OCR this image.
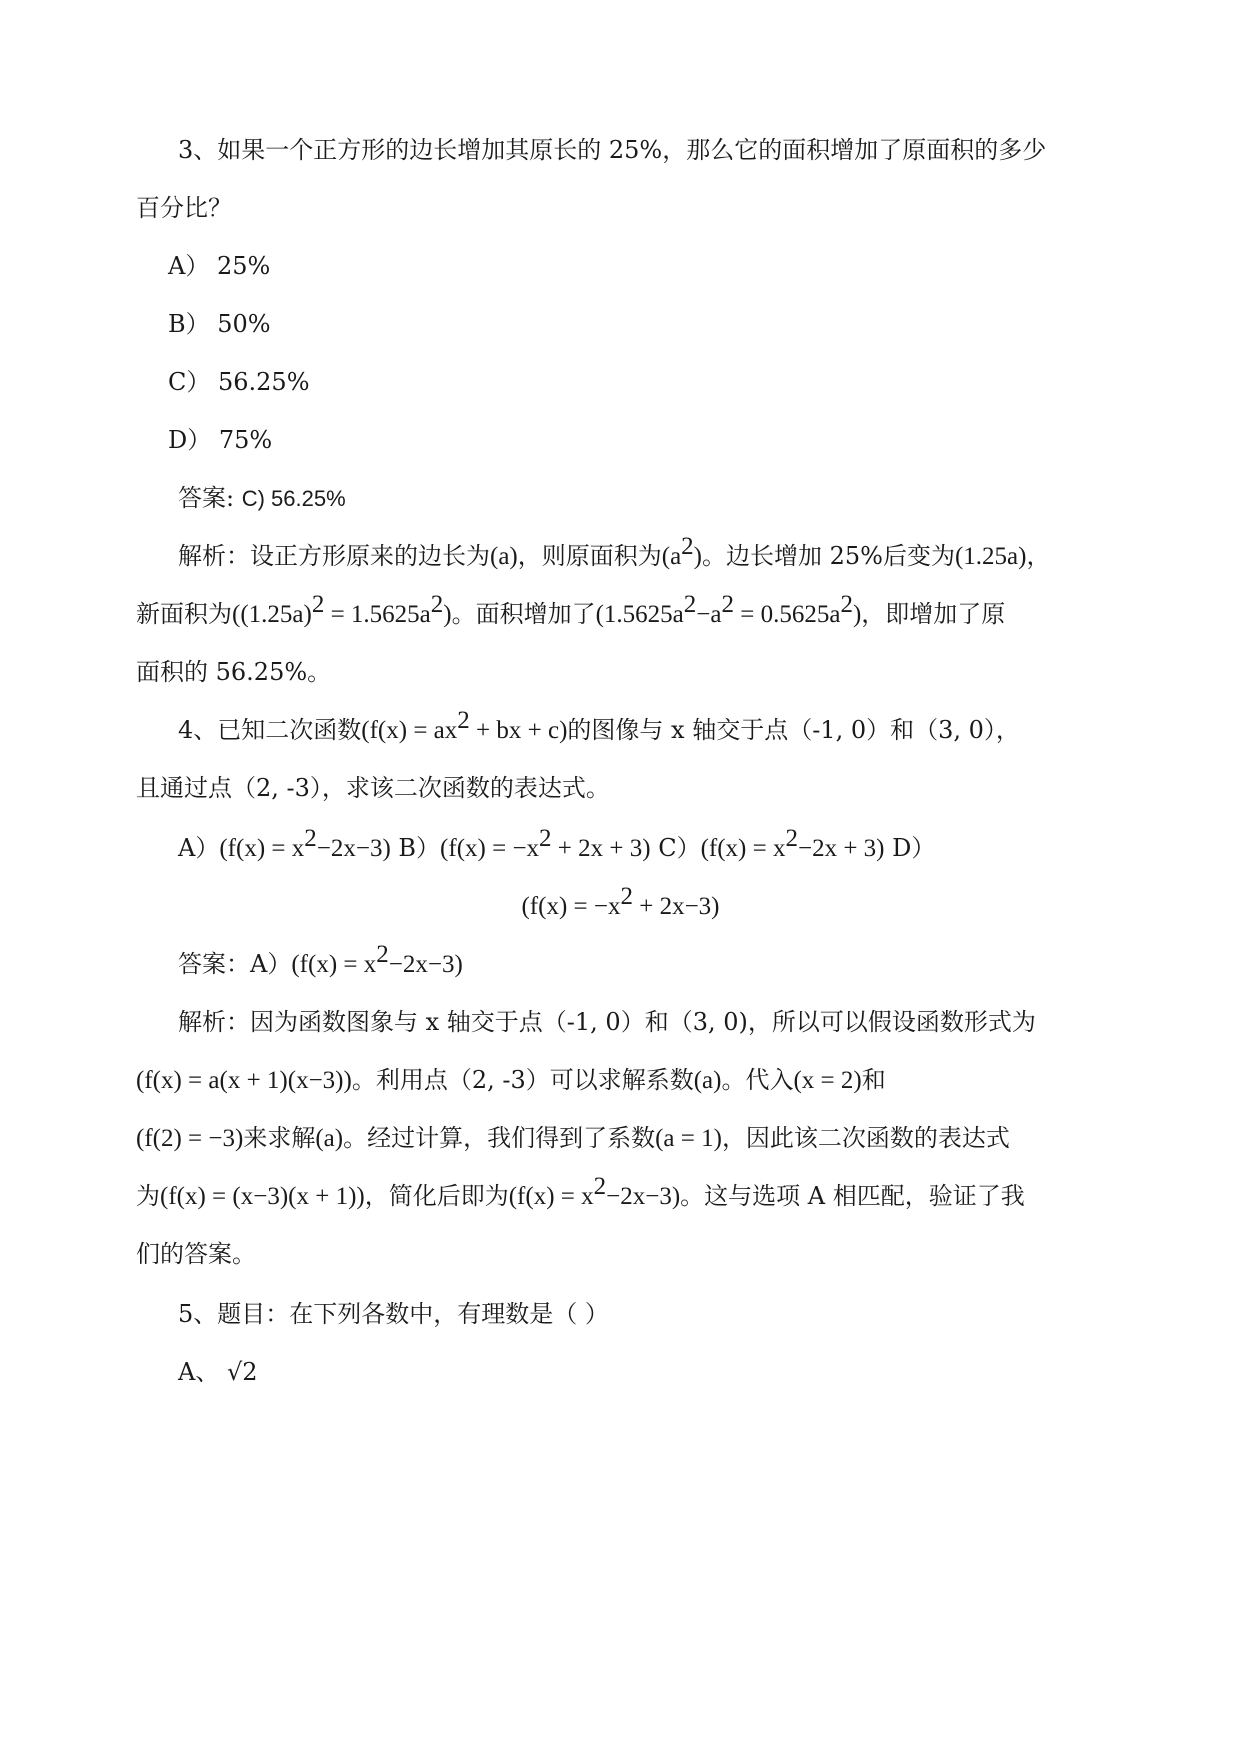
3、如果一个正方形的边长增加其原长的 25%，那么它的面积增加了原面积的多少
百分比？
A） 25%
B） 50%
C） 56.25%
D） 75%
答案: C) 56.25%
解析：设正方形原来的边长为(a)，则原面积为$(a^2)$。边长增加 25%后变为(1.25a)，
新面积为$((1.25a)^2 = 1.5625a^2)$。面积增加了$(1.5625a^2-a^2 = 0.5625a^2)$，即增加了原
面积的 56.25%。
4、已知二次函数($f(x) = ax^2$ + bx + c)的图像与 x 轴交于点（-1, 0）和（3, 0），
且通过点（2, -3），求该二次函数的表达式。
$A)(f(x) = x^2-2x-3)$ $B)(f(x) = -x^2 + 2x + 3)$ $C)(f(x) = x^2-2x + 3)$ D）
$(f(x) = -x^2 + 2x-3)$
答案：$A)(f(x) = x^2-2x-3)$
解析：因为函数图象与 x 轴交于点（-1, 0）和（3, 0)，所以可以假设函数形式为
(f(x) = a(x + 1)(x−3))。利用点（2, -3）可以求解系数(a)。代入(x = 2)和
(f(2) = −3)来求解(a)。经过计算，我们得到了系数(a = 1)，因此该二次函数的表达式
为(f(x) = (x−3)(x + 1))，简化后即为$(f(x) = x^2-2x-3)$。这与选项 A 相匹配，验证了我
们的答案。
5、题目：在下列各数中，有理数是（ ）
A、 √2
